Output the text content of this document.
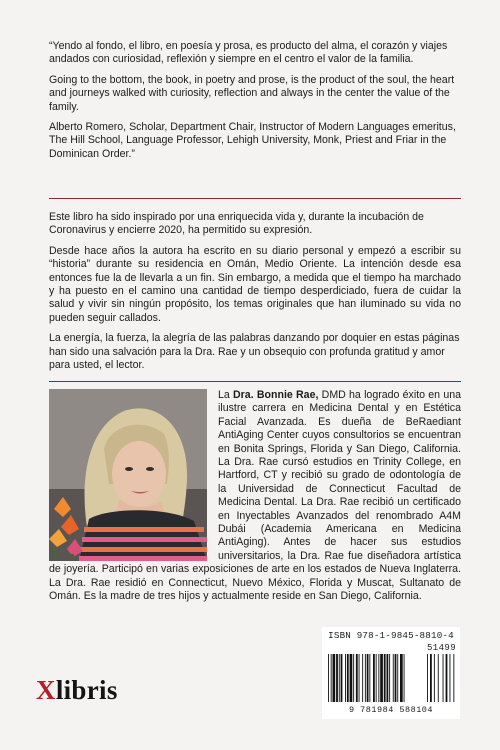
“Yendo al fondo, el libro, en poesía y prosa, es producto del alma, el corazón y viajes andados con curiosidad, reflexión y siempre en el centro el valor de la familia.

Going to the bottom, the book, in poetry and prose, is the product of the soul, the heart and journeys walked with curiosity, reflection and always in the center the value of the family.

Alberto Romero, Scholar, Department Chair, Instructor of Modern Languages emeritus, The Hill School, Language Professor, Lehigh University, Monk, Priest and Friar in the Dominican Order.”

Este libro ha sido inspirado por una enriquecida vida y, durante la incubación de Coronavirus y encierre 2020, ha permitido su expresión.

Desde hace años la autora ha escrito en su diario personal y empezó a escribir su “historia” durante su residencia en Omán, Medio Oriente. La intención desde esa entonces fue la de llevarla a un fin. Sin embargo, a medida que el tiempo ha marchado y ha puesto en el camino una cantidad de tiempo desperdiciado, fuera de cuidar la salud y vivir sin ningún propósito, los temas originales que han iluminado su vida no pueden seguir callados.

La energía, la fuerza, la alegría de las palabras danzando por doquier en estas páginas han sido una salvación para la Dra. Rae y un obsequio con profunda gratitud y amor para usted, el lector.

La Dra. Bonnie Rae, DMD ha logrado éxito en una ilustre carrera en Medicina Dental y en Estética Facial Avanzada. Es dueña de BeRaediant AntiAging Center cuyos consultorios se encuentran en Bonita Springs, Florida y San Diego, California. La Dra. Rae cursó estudios en Trinity College, en Hartford, CT y recibió su grado de odontología de la Universidad de Connecticut Facultad de Medicina Dental. La Dra. Rae recibió un certificado en Inyectables Avanzados del renombrado A4M Dubái (Academia Americana en Medicina AntiAging). Antes de hacer sus estudios universitarios, la Dra. Rae fue diseñadora artística de joyería. Participó en varias exposiciones de arte en los estados de Nueva Inglaterra. La Dra. Rae residió en Connecticut, Nuevo México, Florida y Muscat, Sultanato de Omán. Es la madre de tres hijos y actualmente reside en San Diego, California.
Xlibris
ISBN 978-1-9845-8810-4
51499
9 781984 588104
